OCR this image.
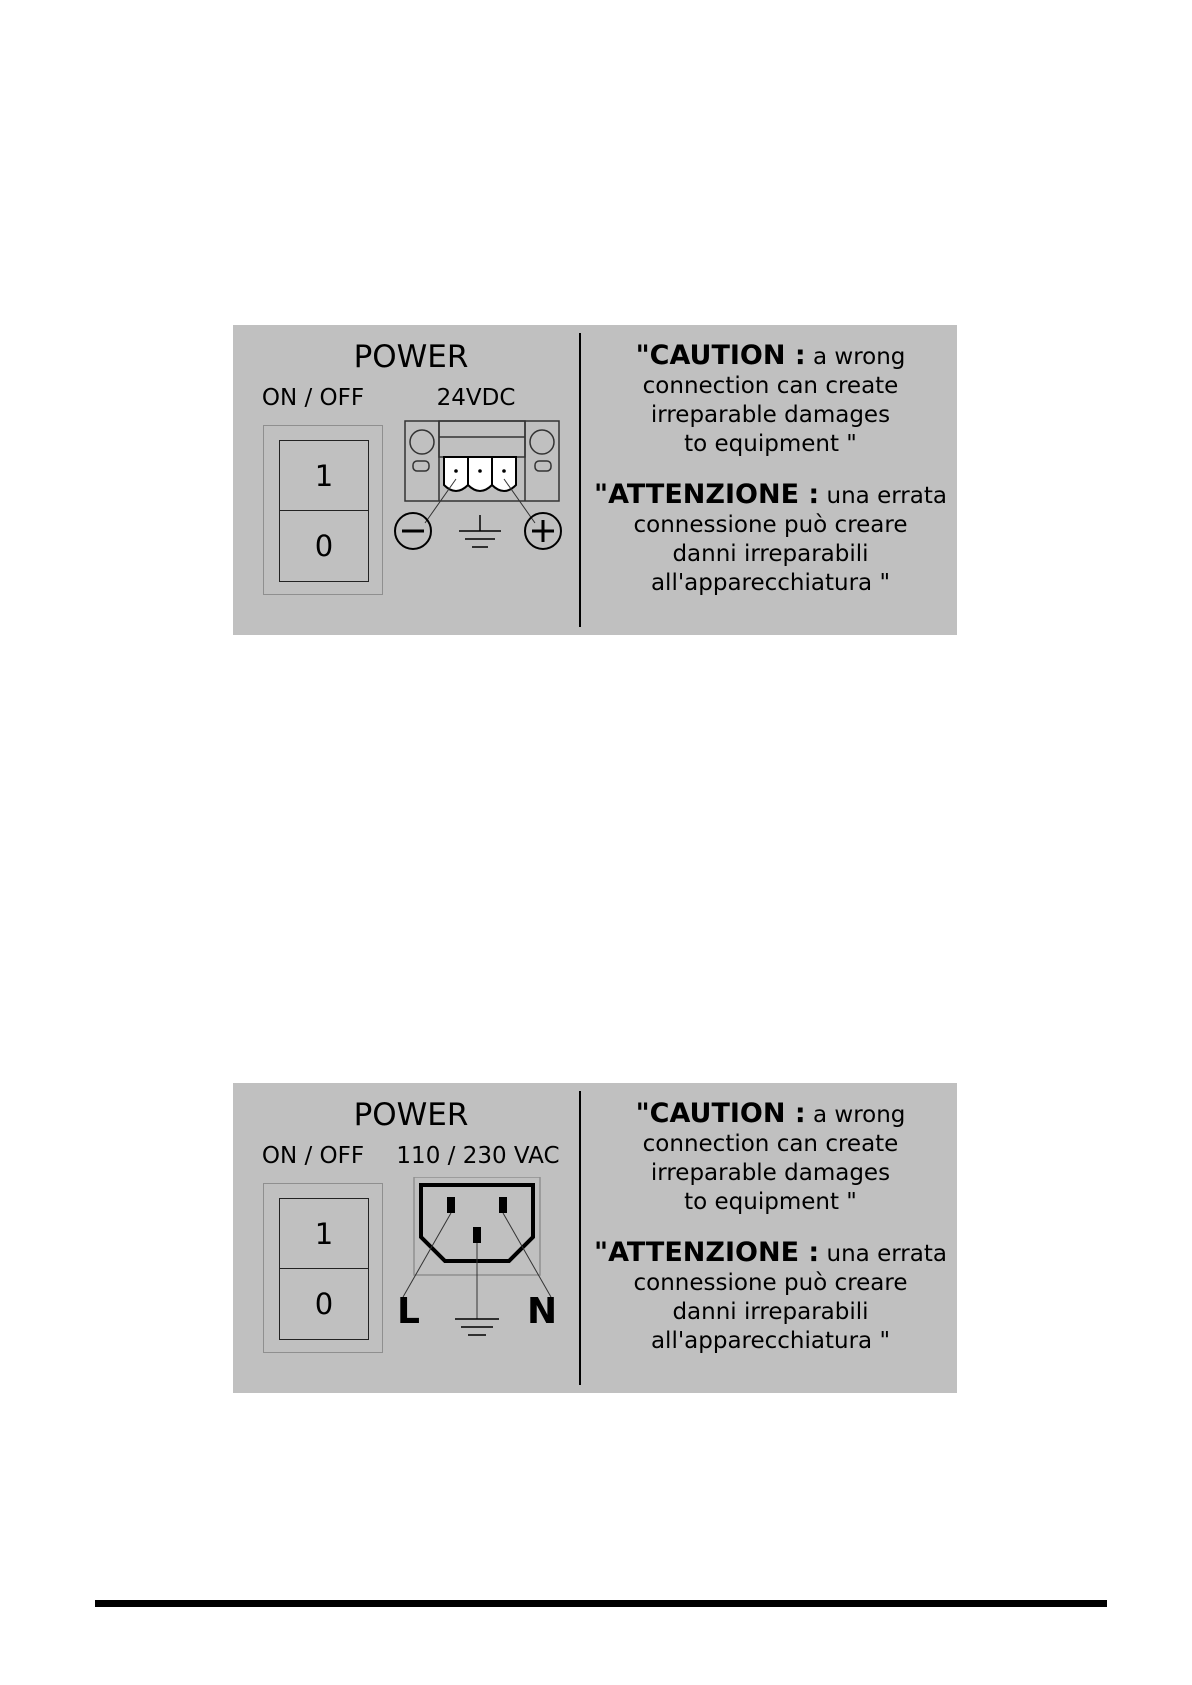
POWER
ON / OFF	24VDC
1
0
"CAUTION : a wrong
connection can create
irreparable damages
to equipment "
"ATTENZIONE : una errata
connessione può creare
danni irreparabili
all'apparecchiatura "
POWER
ON / OFF	110 / 230 VAC
1
0	L	N
"CAUTION : a wrong
connection can create
irreparable damages
to equipment "
"ATTENZIONE : una errata
connessione può creare
danni irreparabili
all'apparecchiatura "
